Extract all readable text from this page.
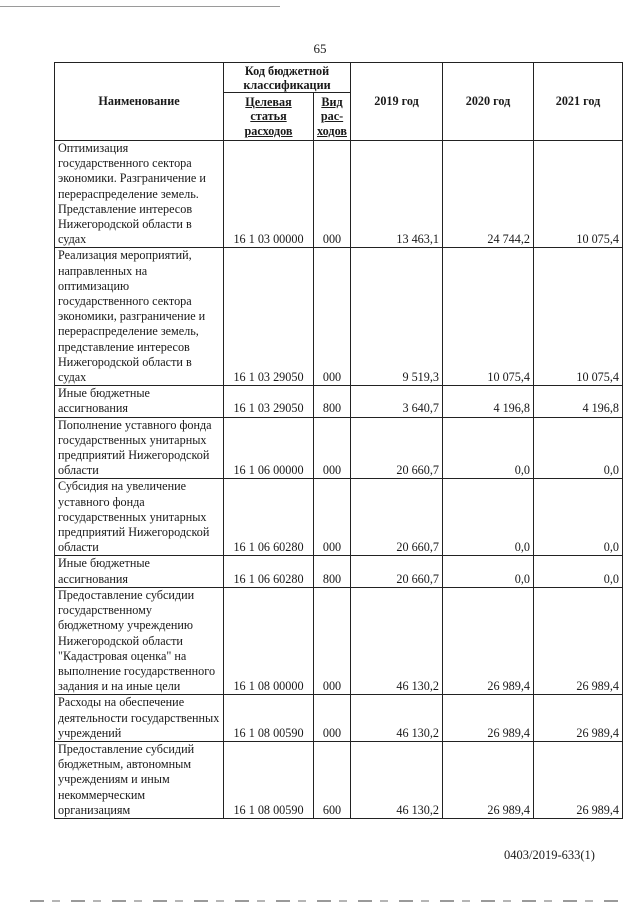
65
Наименование	Код бюджетной классификации		2019 год	2020 год	2021 год
	Целевая статья расходов	Вид рас-ходов			
Оптимизация государственного сектора экономики. Разграничение и перераспределение земель. Представление интересов Нижегородской области в судах	16 1 03 00000	000	13 463,1	24 744,2	10 075,4
Реализация мероприятий, направленных на оптимизацию государственного сектора экономики, разграничение и перераспределение земель, представление интересов Нижегородской области в судах	16 1 03 29050	000	9 519,3	10 075,4	10 075,4
Иные бюджетные ассигнования	16 1 03 29050	800	3 640,7	4 196,8	4 196,8
Пополнение уставного фонда государственных унитарных предприятий Нижегородской области	16 1 06 00000	000	20 660,7	0,0	0,0
Субсидия на увеличение уставного фонда государственных унитарных предприятий Нижегородской области	16 1 06 60280	000	20 660,7	0,0	0,0
Иные бюджетные ассигнования	16 1 06 60280	800	20 660,7	0,0	0,0
Предоставление субсидии государственному бюджетному учреждению Нижегородской области "Кадастровая оценка" на выполнение государственного задания и на иные цели	16 1 08 00000	000	46 130,2	26 989,4	26 989,4
Расходы на обеспечение деятельности государственных учреждений	16 1 08 00590	000	46 130,2	26 989,4	26 989,4
Предоставление субсидий бюджетным, автономным учреждениям и иным некоммерческим организациям	16 1 08 00590	600	46 130,2	26 989,4	26 989,4
0403/2019-633(1)
